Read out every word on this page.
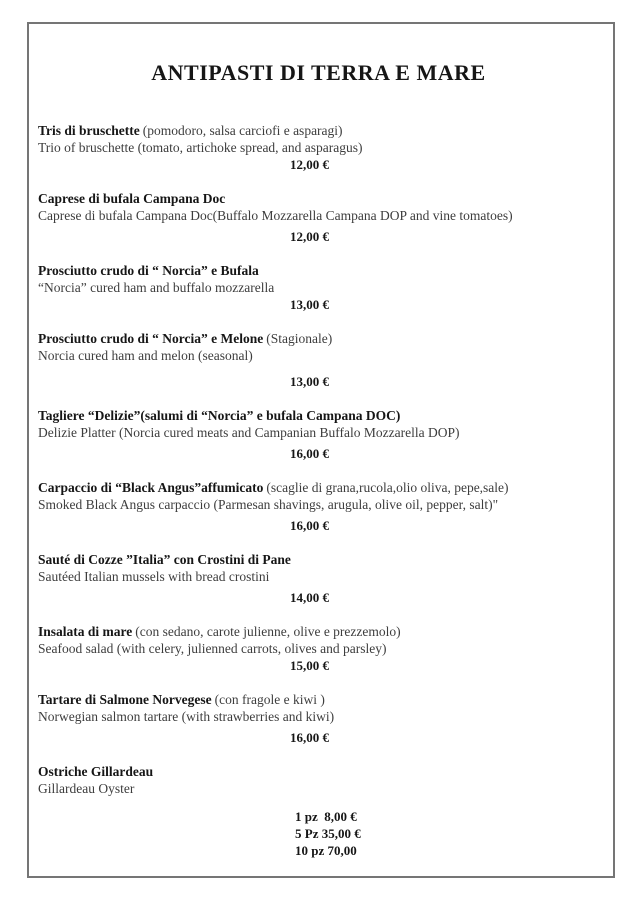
ANTIPASTI DI TERRA E MARE

Tris di bruschette (pomodoro, salsa carciofi e asparagi)

Trio of bruschette (tomato, artichoke spread, and asparagus)

12,00 €

Caprese di bufala Campana Doc

Caprese di bufala Campana Doc(Buffalo Mozzarella Campana DOP and vine tomatoes)

12,00 €

Prosciutto crudo di “ Norcia” e Bufala

“Norcia” cured ham and buffalo mozzarella

13,00 €

Prosciutto crudo di “ Norcia” e Melone (Stagionale)

Norcia cured ham and melon (seasonal)

13,00 €

Tagliere “Delizie”(salumi di “Norcia” e bufala Campana DOC)

Delizie Platter (Norcia cured meats and Campanian Buffalo Mozzarella DOP)

16,00 €

Carpaccio di “Black Angus”affumicato (scaglie di grana,rucola,olio oliva, pepe,sale)

Smoked Black Angus carpaccio (Parmesan shavings, arugula, olive oil, pepper, salt)"

16,00 €

Sauté di Cozze ”Italia” con Crostini di Pane

Sautéed Italian mussels with bread crostini

14,00 €

Insalata di mare (con sedano, carote julienne, olive e prezzemolo)

Seafood salad (with celery, julienned carrots, olives and parsley)

15,00 €

Tartare di Salmone Norvegese (con fragole e kiwi )

Norwegian salmon tartare (with strawberries and kiwi)

16,00 €

Ostriche Gillardeau

Gillardeau Oyster

1 pz  8,00 €

5 Pz 35,00 €

10 pz 70,00
